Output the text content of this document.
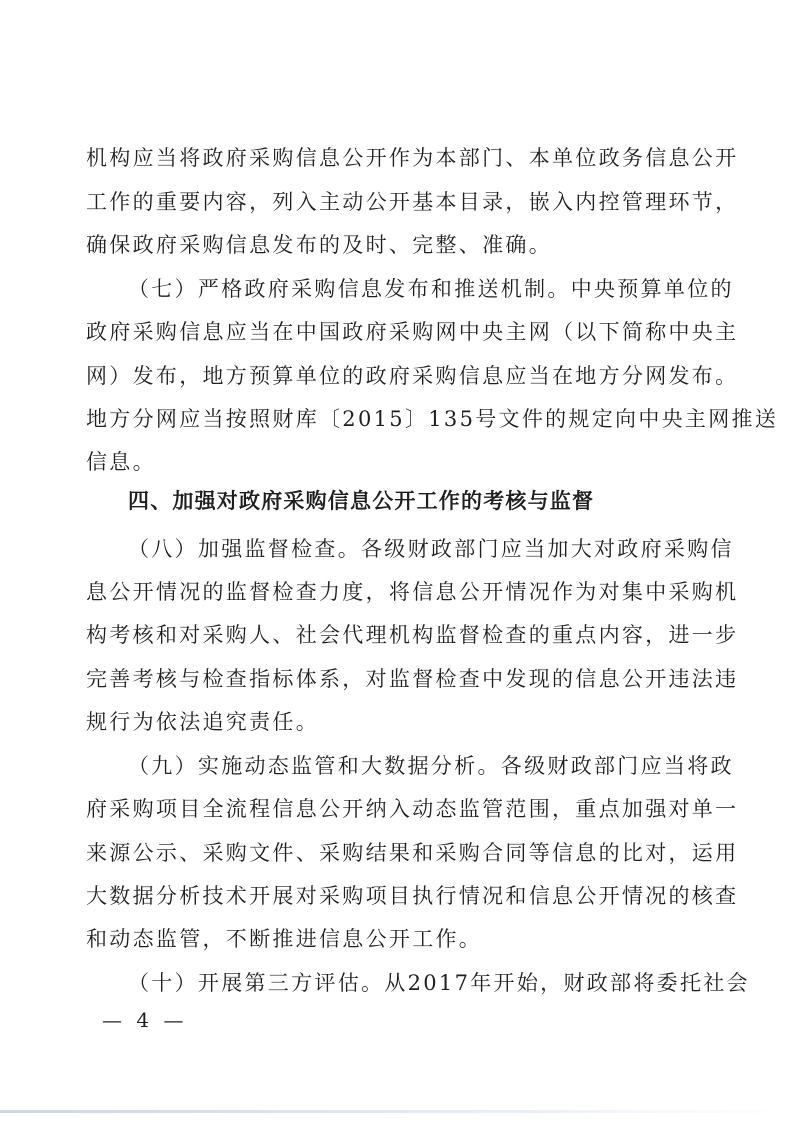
机构应当将政府采购信息公开作为本部门、本单位政务信息公开
工作的重要内容，列入主动公开基本目录，嵌入内控管理环节，
确保政府采购信息发布的及时、完整、准确。
（七）严格政府采购信息发布和推送机制。中央预算单位的
政府采购信息应当在中国政府采购网中央主网（以下简称中央主
网）发布，地方预算单位的政府采购信息应当在地方分网发布。
地方分网应当按照财库〔2015〕135号文件的规定向中央主网推送
信息。
四、加强对政府采购信息公开工作的考核与监督
（八）加强监督检查。各级财政部门应当加大对政府采购信
息公开情况的监督检查力度，将信息公开情况作为对集中采购机
构考核和对采购人、社会代理机构监督检查的重点内容，进一步
完善考核与检查指标体系，对监督检查中发现的信息公开违法违
规行为依法追究责任。
（九）实施动态监管和大数据分析。各级财政部门应当将政
府采购项目全流程信息公开纳入动态监管范围，重点加强对单一
来源公示、采购文件、采购结果和采购合同等信息的比对，运用
大数据分析技术开展对采购项目执行情况和信息公开情况的核查
和动态监管，不断推进信息公开工作。
（十）开展第三方评估。从2017年开始，财政部将委托社会
— 4 —
